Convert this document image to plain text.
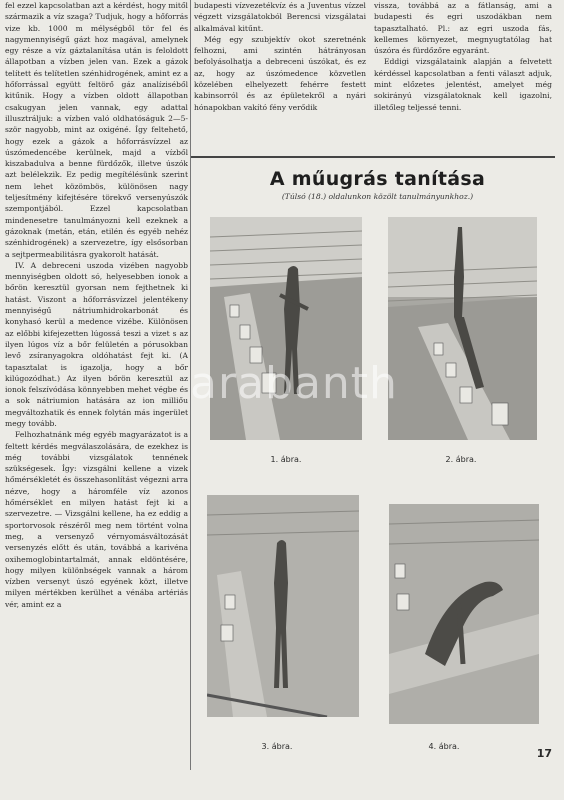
fel ezzel kapcsolatban azt a kérdést, hogy mitől származik a víz szaga? Tudjuk, hogy a hőforrás vize kb. 1000 m mélységből tör fel és nagymennyiségű gázt hoz magával, amelynek egy része a víz gáztalanítása után is feloldott állapotban a vízben jelen van. Ezek a gázok telített és telítetlen szénhidrogének, amint ez a hőforrással együtt feltörő gáz analíziséből kitűnik. Hogy a vízben oldott állapotban csakugyan jelen vannak, egy adattal illusztráljuk: a vízben való oldhatóságuk 2—5-ször nagyobb, mint az oxigéné. Így feltehető, hogy ezek a gázok a hőforrásvízzel az úszómedencébe kerülnek, majd a vízből kiszabadulva a benne fürdőzők, illetve úszók azt belélekzik. Ez pedig megítélésünk szerint nem lehet közömbös, különösen nagy teljesítmény kifejtésére törekvő versenyúszók szempontjából. Ezzel kapcsolatban mindenesetre tanulmányozni kell ezeknek a gázoknak (metán, etán, etilén és egyéb nehéz szénhidrogének) a szervezetre, így elsősorban a sejtpermeabilitásra gyakorolt hatását.

IV. A debreceni uszoda vizében nagyobb mennyiségben oldott só, helyesebben ionok a bőrön keresztül gyorsan nem fejthetnek ki hatást. Viszont a hőforrásvízzel jelentékeny mennyiségű nátriumhidrokarbonát és konyhasó kerül a medence vizébe. Különösen az előbbi kifejezetten lúgossá teszi a vizet s az ilyen lúgos víz a bőr felületén a pórusokban levő zsíranyagokra oldóhatást fejt ki. (A tapasztalat is igazolja, hogy a bőr kilúgozódhat.) Az ilyen bőrön keresztül az ionok felszívódása könnyebben mehet végbe és a sok nátriumion hatására az ion milliőu megváltozhatik és ennek folytán más ingerület megy tovább.

Felhozhatnánk még egyéb magyarázatot is a feltett kérdés megválaszolására, de ezekhez is még további vizsgálatok tennének szükségesek. Így: vizsgálni kellene a vizek hőmérsékletét és összehasonlítást végezni arra nézve, hogy a háromféle víz azonos hőmérséklet en milyen hatást fejt ki a szervezetre. — Vizsgálni kellene, ha ez eddig a sportorvosok részéről meg nem történt volna meg, a versenyző vérnyomásváltozását versenyzés előtt és után, továbbá a karivéna oxihemoglobintartalmát, annak eldöntésére, hogy milyen különbségek vannak a három vízben versenyt úszó egyének közt, illetve milyen mértékben kerülhet a vénába artériás vér, amint ez a

budapesti vízvezetékvíz és a Juventus vízzel végzett vizsgálatokból Berencsi vizsgálatai alkalmával kitűnt.

Még egy szubjektív okot szeretnénk felhozni, ami szintén hátrányosan befolyásolhatja a debreceni úszókat, és ez az, hogy az úszómedence közvetlen közelében elhelyezett fehérre festett kabinsorról és az épületekről a nyári hónapokban vakító fény verődik

vissza, továbbá az a fátlanság, ami a budapesti és egri uszodákban nem tapasztalható. Pl.: az egri uszoda fás, kellemes környezet, megnyugtatólag hat úszóra és fürdőzőre egyaránt.

Eddigi vizsgálataink alapján a felvetett kérdéssel kapcsolatban a fenti választ adjuk, mint előzetes jelentést, amelyet még sokirányú vizsgálatoknak kell igazolni, illetőleg teljessé tenni.

A műugrás tanítása
(Túlsó (18.) oldalunkon közölt tanulmányunkhoz.)
1. ábra.	2. ábra.
3. ábra.	4. ábra.
arabanth
17
